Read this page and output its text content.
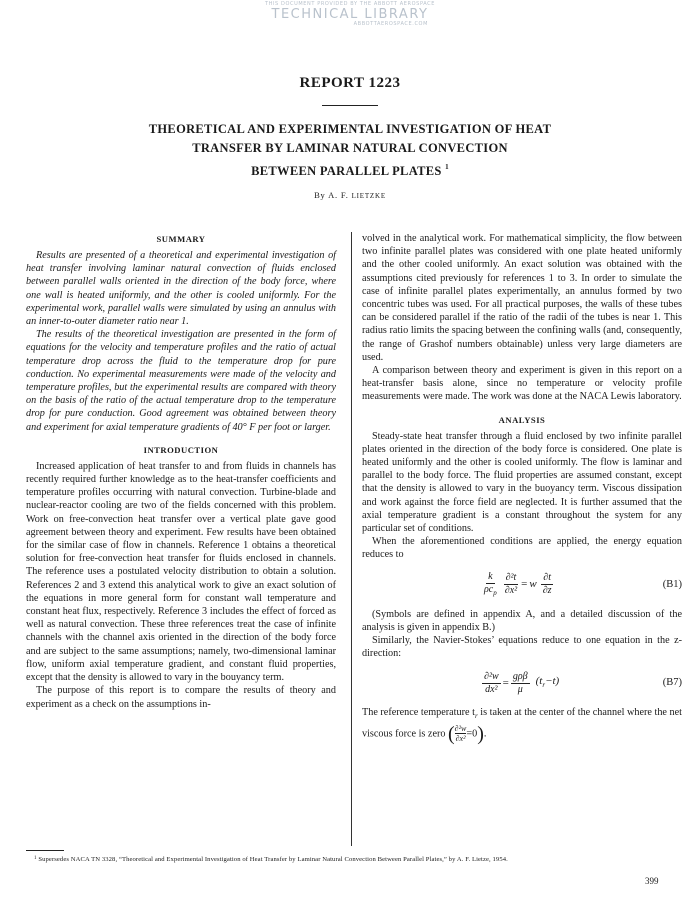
THIS DOCUMENT PROVIDED BY THE ABBOTT AEROSPACE
TECHNICAL LIBRARY
ABBOTTAEROSPACE.COM
REPORT 1223
THEORETICAL AND EXPERIMENTAL INVESTIGATION OF HEAT
TRANSFER BY LAMINAR NATURAL CONVECTION
BETWEEN PARALLEL PLATES $^1$
By A. F. LIETZKE
SUMMARY

Results are presented of a theoretical and experimental investigation of heat transfer involving laminar natural convection of fluids enclosed between parallel walls oriented in the direction of the body force, where one wall is heated uniformly, and the other is cooled uniformly. For the experimental work, parallel walls were simulated by using an annulus with an inner-to-outer diameter ratio near 1.

The results of the theoretical investigation are presented in the form of equations for the velocity and temperature profiles and the ratio of actual temperature drop across the fluid to the temperature drop for pure conduction. No experimental measurements were made of the velocity and temperature profiles, but the experimental results are compared with theory on the basis of the ratio of the actual temperature drop to the temperature drop for pure conduction. Good agreement was obtained between theory and experiment for axial temperature gradients of 40° F per foot or larger.

INTRODUCTION

Increased application of heat transfer to and from fluids in channels has recently required further knowledge as to the heat-transfer coefficients and temperature profiles occurring with natural convection. Turbine-blade and nuclear-reactor cooling are two of the fields concerned with this problem. Work on free-convection heat transfer over a vertical plate gave good agreement between theory and experiment. Few results have been obtained for the similar case of flow in channels. Reference 1 obtains a theoretical solution for free-convection heat transfer for fluids enclosed in channels. The reference uses a postulated velocity distribution to obtain a solution. References 2 and 3 extend this analytical work to give an exact solution of the equations in more general form for constant wall temperature and constant heat flux, respectively. Reference 3 includes the effect of forced as well as natural convection. These three references treat the case of infinite channels with the channel axis oriented in the direction of the body force and are subject to the same assumptions; namely, two-dimensional laminar flow, uniform axial temperature gradient, and constant fluid properties, except that the density is allowed to vary in the bouyancy term.

The purpose of this report is to compare the results of theory and experiment as a check on the assumptions in-

volved in the analytical work. For mathematical simplicity, the flow between two infinite parallel plates was considered with one plate heated uniformly and the other cooled uniformly. An exact solution was obtained with the assumptions cited previously for references 1 to 3. In order to simulate the case of infinite parallel plates experimentally, an annulus formed by two concentric tubes was used. For all practical purposes, the walls of these tubes can be considered parallel if the ratio of the radii of the tubes is near 1. This radius ratio limits the spacing between the confining walls (and, consequently, the range of Grashof numbers obtainable) unless very large diameters are used.

A comparison between theory and experiment is given in this report on a heat-transfer basis alone, since no temperature or velocity profile measurements were made. The work was done at the NACA Lewis laboratory.

ANALYSIS

Steady-state heat transfer through a fluid enclosed by two infinite parallel plates oriented in the direction of the body force is considered. One plate is heated uniformly and the other is cooled uniformly. The flow is laminar and parallel to the body force. The fluid properties are assumed constant, except that the density is allowed to vary in the buoyancy term. Viscous dissipation and work against the force field are neglected. It is further assumed that the axial temperature gradient is a constant throughout the system for any particular set of conditions.

When the aforementioned conditions are applied, the energy equation reduces to

$\frac{k}{\rho c_p} \frac{\text{∂²t}}{\text{∂x²}} = w \frac{\partial t}{\partial z}$	(B1)

(Symbols are defined in appendix A, and a detailed discussion of the analysis is given in appendix B.)

Similarly, the Navier-Stokes’ equations reduce to one equation in the z-direction:

$\frac{\text{∂²w}}{\text{dx²}} = \frac{\text{gρβ}}{\mu} (t_r-t)$	(B7)

The reference temperature $t_r$ is taken at the center of the channel where the net viscous force is zero ( $\frac{\text{∂²w}}{\text{∂x²}} =0$).

$^1$ Supersedes NACA TN 3328, “Theoretical and Experimental Investigation of Heat Transfer by Laminar Natural Convection Between Parallel Plates,” by A. F. Lietze, 1954.
399
